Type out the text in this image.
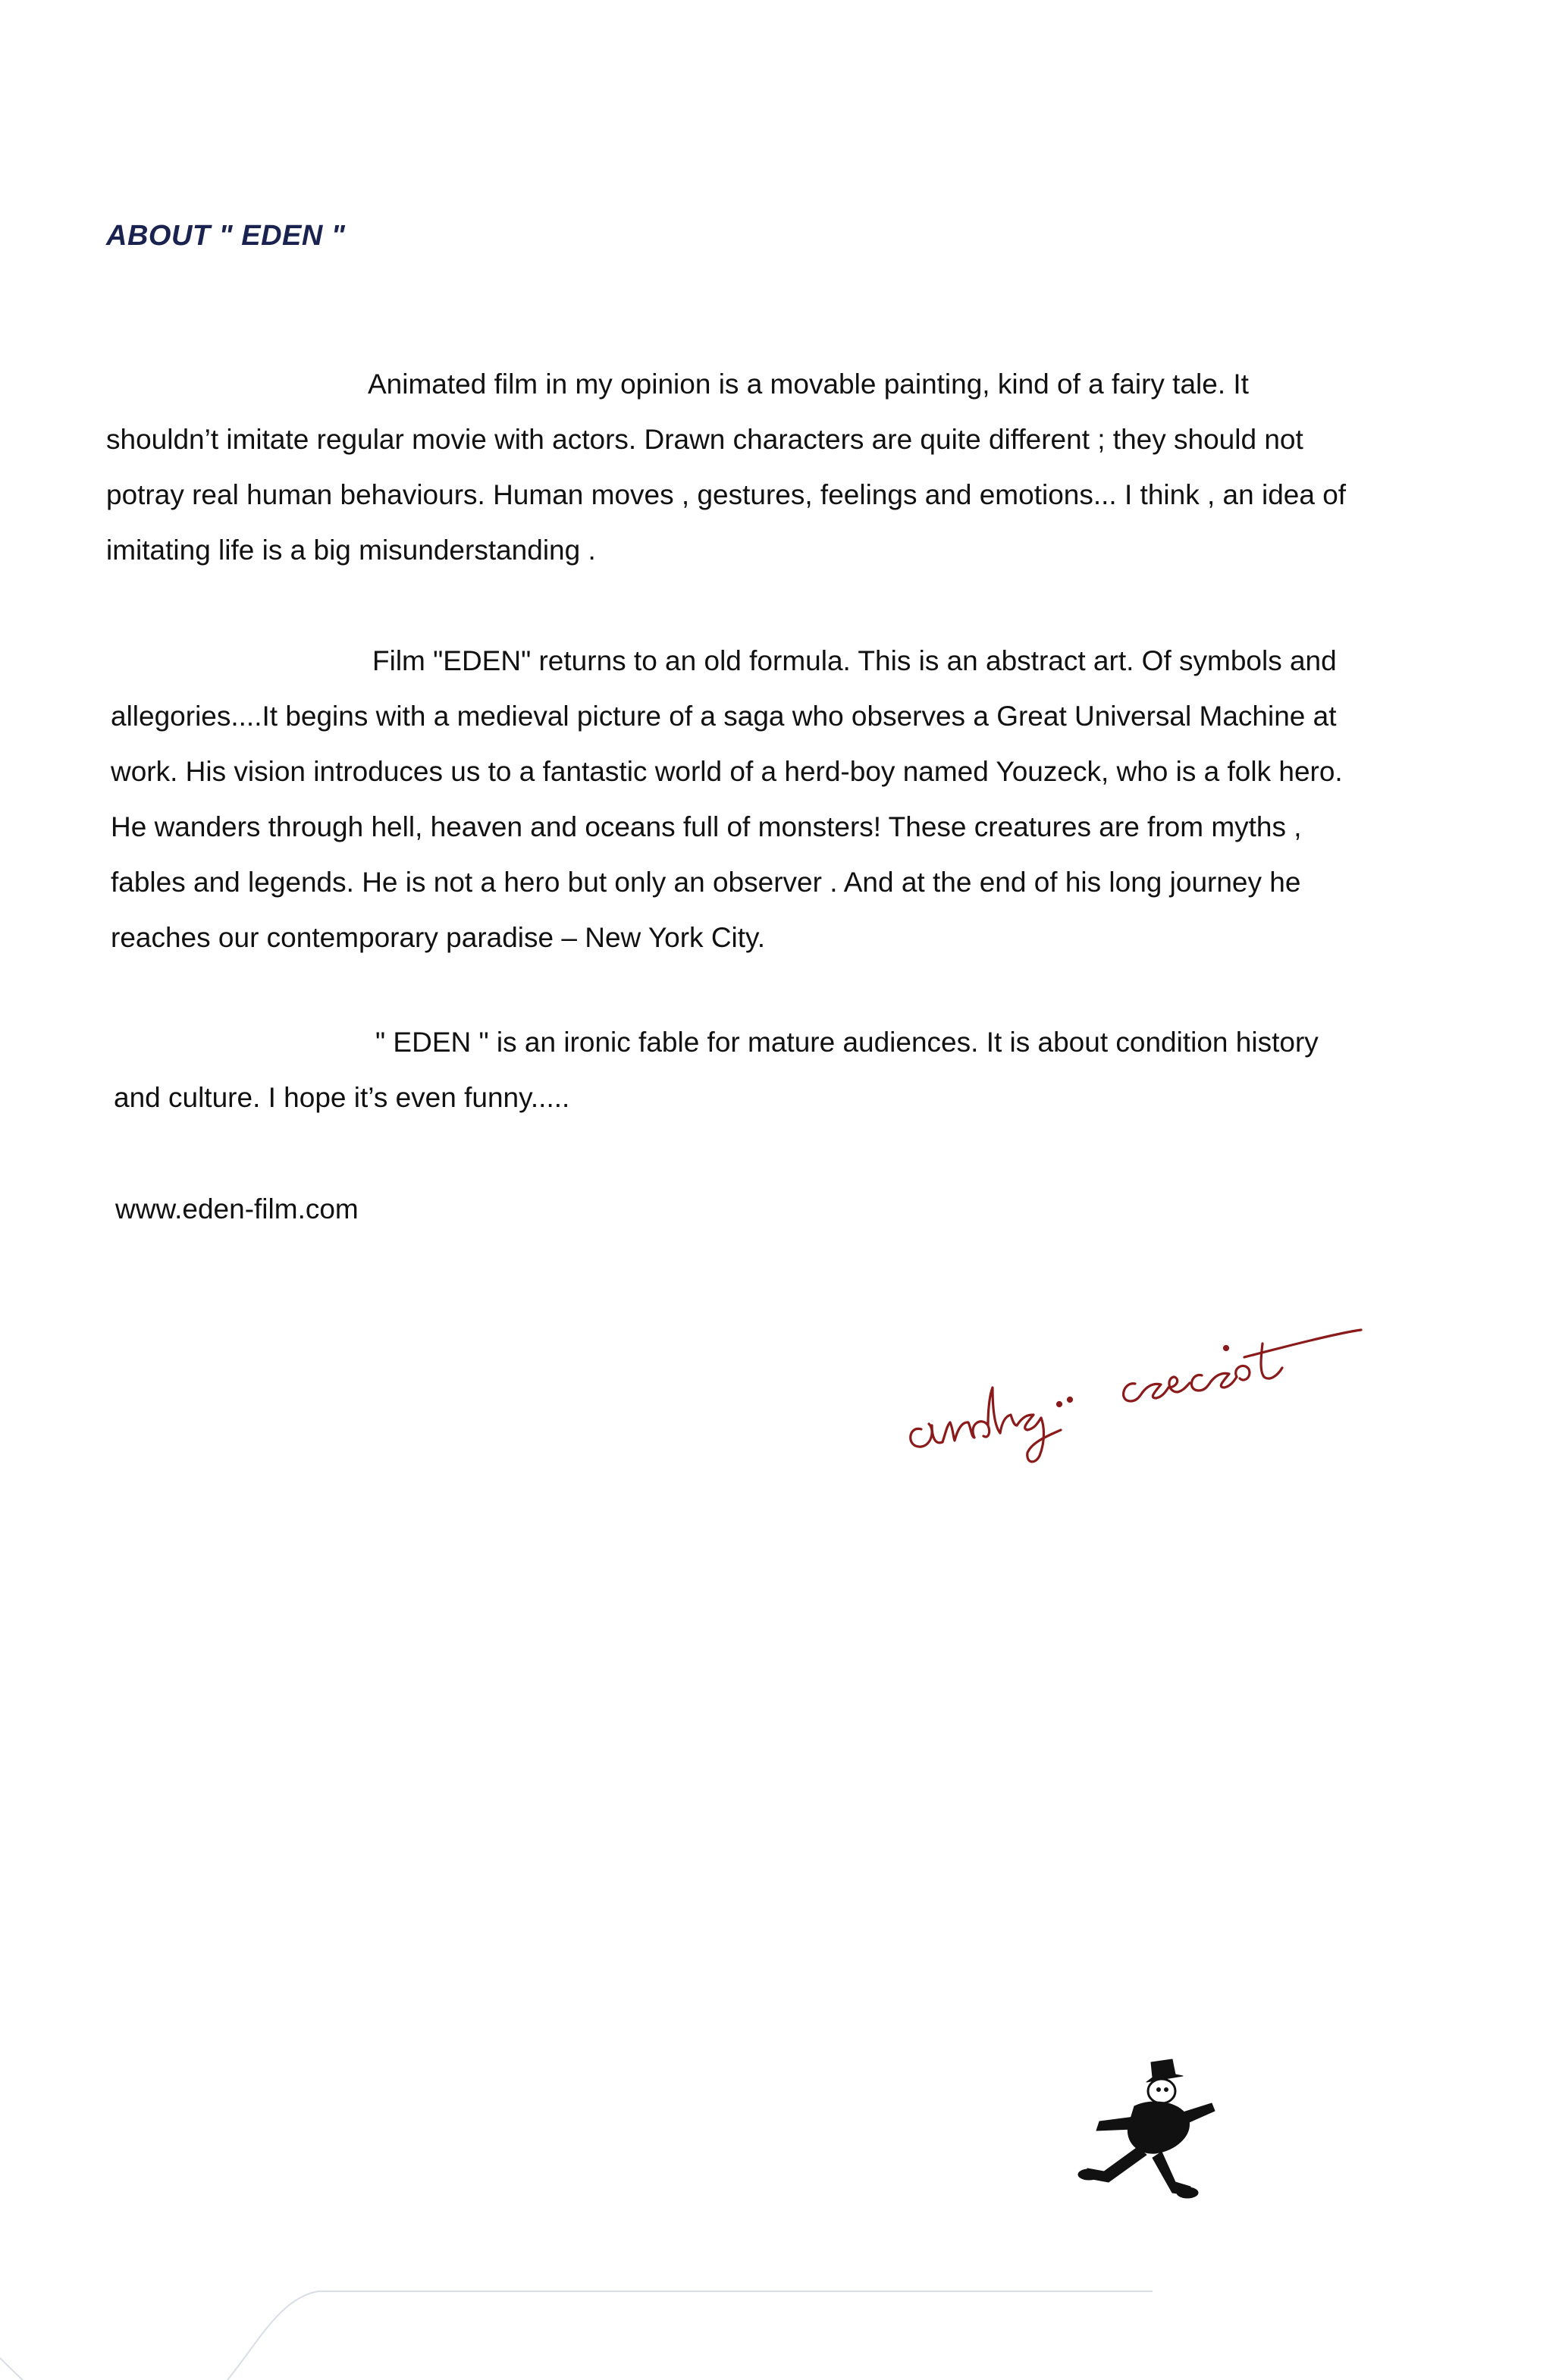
ABOUT " EDEN "

Animated film in my opinion is a movable painting, kind of a fairy tale. It shouldn’t imitate regular movie with actors. Drawn characters are quite different ; they should not potray real human behaviours. Human moves , gestures, feelings and emotions... I think , an idea of imitating life is a big misunderstanding .

Film "EDEN" returns to an old formula. This is an abstract art. Of symbols and allegories....It begins with a medieval picture of a saga who observes a Great Universal Machine at work. His vision introduces us to a fantastic world of a herd-boy named Youzeck, who is a folk hero. He wanders through hell, heaven and oceans full of monsters! These creatures are from myths , fables and legends. He is not a hero but only an observer . And at the end of his long journey he reaches our contemporary paradise – New York City.

" EDEN " is an ironic fable for mature audiences. It is about condition history and culture. I hope it’s even funny.....

www.eden-film.com
